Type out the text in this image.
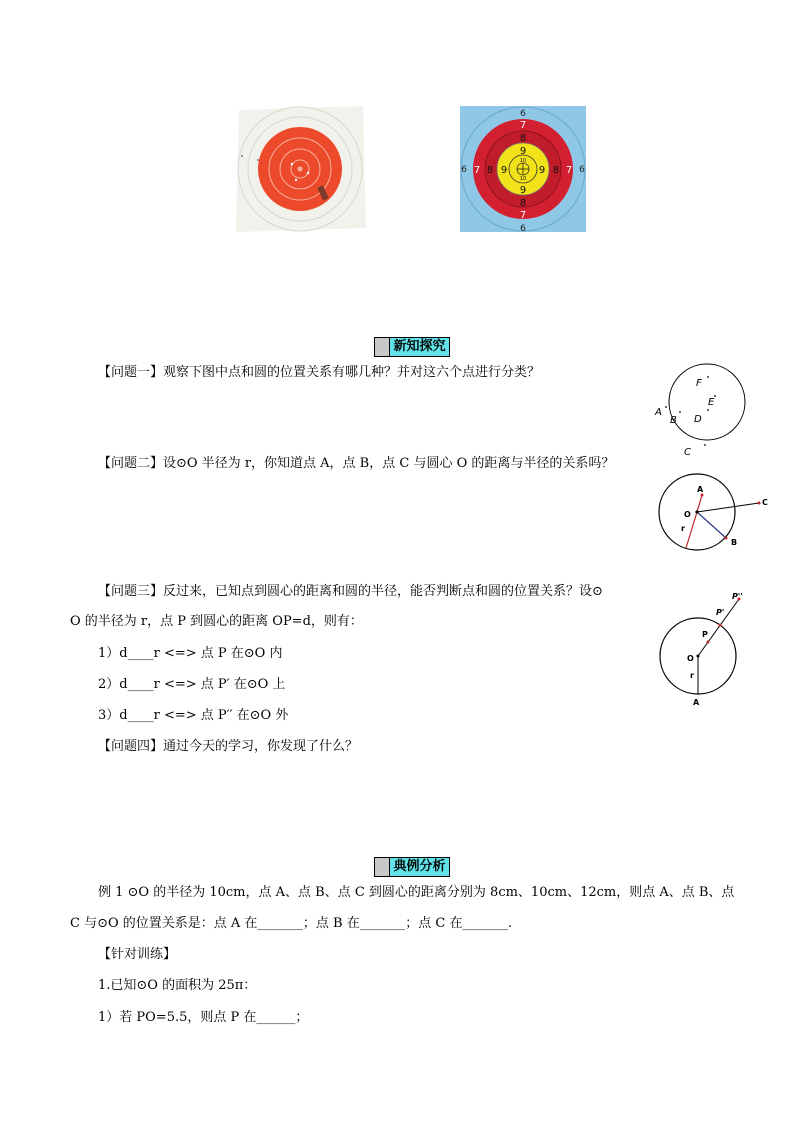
6
6
6	6
7
7
7	7
8
8
8	8
9
9
9	9
10
10
新知探究
【问题一】观察下图中点和圆的位置关系有哪几种？并对这六个点进行分类？
F
E
D
A
B
C
【问题二】设⊙O 半径为 r，你知道点 A，点 B，点 C 与圆心 O 的距离与半径的关系吗？
A
O
r
B
C
【问题三】反过来，已知点到圆心的距离和圆的半径，能否判断点和圆的位置关系？设⊙
O 的半径为 r，点 P 到圆心的距离 OP=d，则有：
1）d____r <=> 点 P 在⊙O 内
2）d____r <=> 点 P′ 在⊙O 上
3）d____r <=> 点 P′′ 在⊙O 外
P''
P'
P
O
r
A
【问题四】通过今天的学习，你发现了什么？
典例分析
例 1 ⊙O 的半径为 10cm，点 A、点 B、点 C 到圆心的距离分别为 8cm、10cm、12cm，则点 A、点 B、点
C 与⊙O 的位置关系是：点 A 在_______；点 B 在_______；点 C 在_______.
【针对训练】
1.已知⊙O 的面积为 25π：
1）若 PO=5.5，则点 P 在______；
